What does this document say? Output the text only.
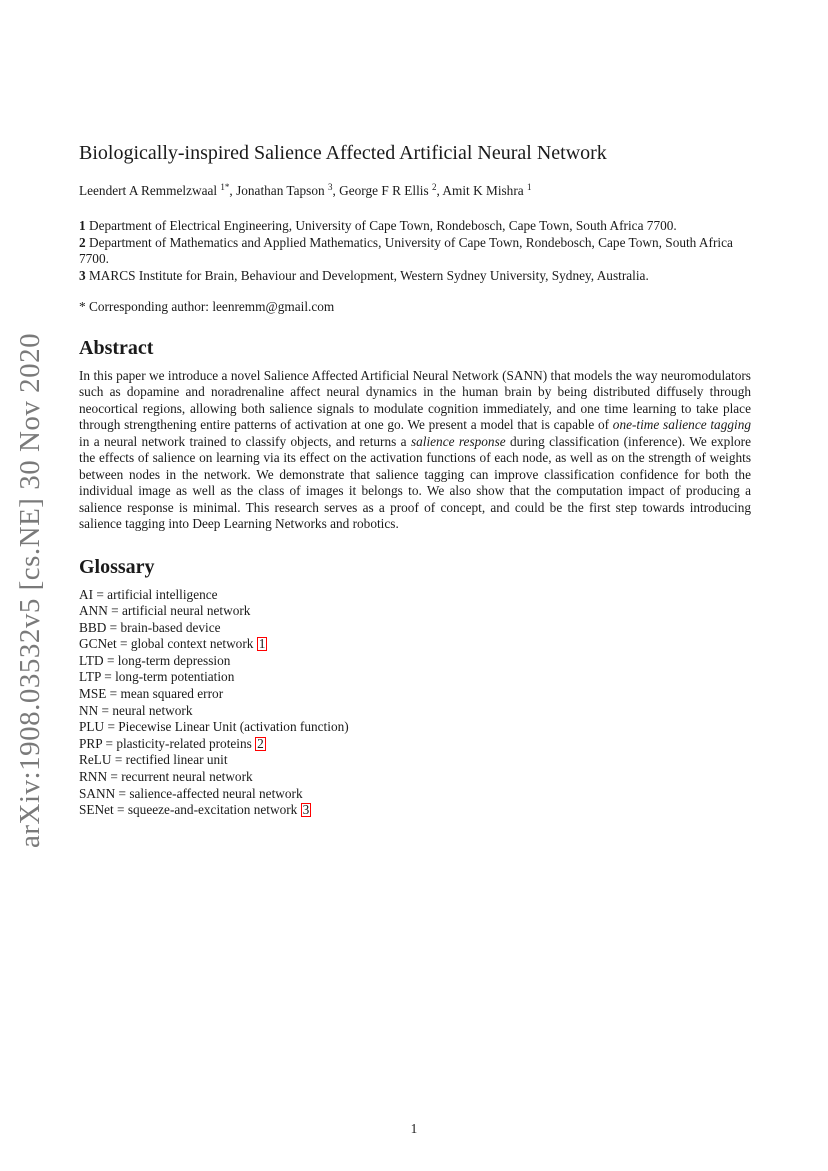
arXiv:1908.03532v5 [cs.NE] 30 Nov 2020
Biologically-inspired Salience Affected Artificial Neural Network
Leendert A Remmelzwaal $^{1*}$, Jonathan Tapson $^3$, George F R Ellis $^2$, Amit K Mishra $^1$
1 Department of Electrical Engineering, University of Cape Town, Rondebosch, Cape Town, South Africa 7700.
2 Department of Mathematics and Applied Mathematics, University of Cape Town, Rondebosch, Cape Town, South Africa 7700.
3 MARCS Institute for Brain, Behaviour and Development, Western Sydney University, Sydney, Australia.
* Corresponding author: leenremm@gmail.com
Abstract

In this paper we introduce a novel Salience Affected Artificial Neural Network (SANN) that models the way neuromodulators such as dopamine and noradrenaline affect neural dynamics in the human brain by being distributed diffusely through neocortical regions, allowing both salience signals to modulate cognition immediately, and one time learning to take place through strengthening entire patterns of activation at one go. We present a model that is capable of one-time salience tagging in a neural network trained to classify objects, and returns a salience response during classification (inference). We explore the effects of salience on learning via its effect on the activation functions of each node, as well as on the strength of weights between nodes in the network. We demonstrate that salience tagging can improve classification confidence for both the individual image as well as the class of images it belongs to. We also show that the computation impact of producing a salience response is minimal. This research serves as a proof of concept, and could be the first step towards introducing salience tagging into Deep Learning Networks and robotics.

Glossary
AI = artificial intelligence
ANN = artificial neural network
BBD = brain-based device
GCNet = global context network 1
LTD = long-term depression
LTP = long-term potentiation
MSE = mean squared error
NN = neural network
PLU = Piecewise Linear Unit (activation function)
PRP = plasticity-related proteins 2
ReLU = rectified linear unit
RNN = recurrent neural network
SANN = salience-affected neural network
SENet = squeeze-and-excitation network 3
1
